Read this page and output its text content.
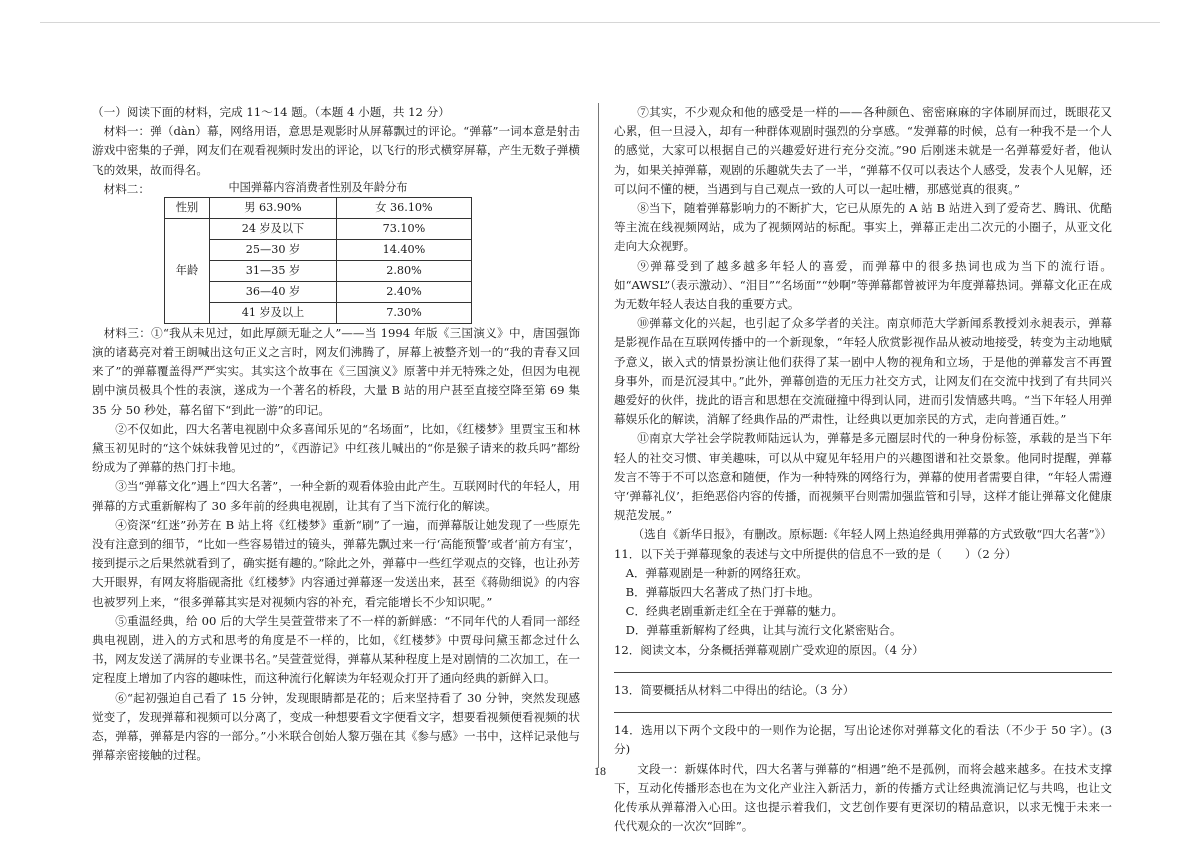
（一）阅读下面的材料，完成 11～14 题。（本题 4 小题，共 12 分）

材料一：弹（dàn）幕，网络用语，意思是观影时从屏幕飘过的评论。“弹幕”一词本意是射击游戏中密集的子弹，网友们在观看视频时发出的评论，以飞行的形式横穿屏幕，产生无数子弹横飞的效果，故而得名。

材料二：	中国弹幕内容消费者性别及年龄分布
性别	男 63.90%	女 36.10%
年龄	24 岁及以下	73.10%
	25—30 岁	14.40%
	31—35 岁	2.80%
	36—40 岁	2.40%
	41 岁及以上	7.30%

材料三：①“我从未见过，如此厚颜无耻之人”——当 1994 年版《三国演义》中，唐国强饰演的诸葛亮对着王朗喊出这句正义之言时，网友们沸腾了，屏幕上被整齐划一的“我的青春又回来了”的弹幕覆盖得严严实实。其实这个故事在《三国演义》原著中并无特殊之处，但因为电视剧中演员极具个性的表演，遂成为一个著名的桥段，大量 B 站的用户甚至直接空降至第 69 集 35 分 50 秒处，幕名留下“到此一游”的印记。

②不仅如此，四大名著电视剧中众多喜闻乐见的“名场面”，比如，《红楼梦》里贾宝玉和林黛玉初见时的“这个妹妹我曾见过的”，《西游记》中红孩儿喊出的“你是猴子请来的救兵吗”都纷纷成为了弹幕的热门打卡地。

③当“弹幕文化”遇上“四大名著”，一种全新的观看体验由此产生。互联网时代的年轻人，用弹幕的方式重新解构了 30 多年前的经典电视剧，让其有了当下流行化的解读。

④资深“红迷”孙芳在 B 站上将《红楼梦》重新“刷”了一遍，而弹幕版让她发现了一些原先没有注意到的细节，“比如一些容易错过的镜头，弹幕先飘过来一行‘高能预警’或者‘前方有宝’，接到提示之后果然就看到了，确实挺有趣的。”除此之外，弹幕中一些红学观点的交锋，也让孙芳大开眼界，有网友将脂砚斋批《红楼梦》内容通过弹幕逐一发送出来，甚至《蒋勋细说》的内容也被罗列上来，“很多弹幕其实是对视频内容的补充，看完能增长不少知识呢。”

⑤重温经典，给 00 后的大学生吴萱萱带来了不一样的新鲜感：“不同年代的人看同一部经典电视剧，进入的方式和思考的角度是不一样的，比如，《红楼梦》中贾母问黛玉都念过什么书，网友发送了满屏的专业课书名。”吴萱萱觉得，弹幕从某种程度上是对剧情的二次加工，在一定程度上增加了内容的趣味性，而这种流行化解读为年轻观众打开了通向经典的新鲜入口。

⑥“起初强迫自己看了 15 分钟，发现眼睛都是花的；后来坚持看了 30 分钟，突然发现感觉变了，发现弹幕和视频可以分离了，变成一种想要看文字便看文字，想要看视频便看视频的状态，弹幕，弹幕是内容的一部分。”小米联合创始人黎万强在其《参与感》一书中，这样记录他与弹幕亲密接触的过程。

⑦其实，不少观众和他的感受是一样的——各种颜色、密密麻麻的字体刷屏而过，既眼花又心累，但一旦浸入，却有一种群体观剧时强烈的分享感。“发弹幕的时候，总有一种我不是一个人的感觉，大家可以根据自己的兴趣爱好进行充分交流。”90 后刚迷未就是一名弹幕爱好者，他认为，如果关掉弹幕，观剧的乐趣就失去了一半，“弹幕不仅可以表达个人感受，发表个人见解，还可以问不懂的梗，当遇到与自己观点一致的人可以一起吐槽，那感觉真的很爽。”

⑧当下，随着弹幕影响力的不断扩大，它已从原先的 A 站 B 站进入到了爱奇艺、腾讯、优酷等主流在线视频网站，成为了视频网站的标配。事实上，弹幕正走出二次元的小圈子，从亚文化走向大众视野。

⑨弹幕受到了越多越多年轻人的喜爱，而弹幕中的很多热词也成为当下的流行语。如“AWSL”（表示激动）、“泪目”“名场面”“妙啊”等弹幕都曾被评为年度弹幕热词。弹幕文化正在成为无数年轻人表达自我的重要方式。

⑩弹幕文化的兴起，也引起了众多学者的关注。南京师范大学新闻系教授刘永昶表示，弹幕是影视作品在互联网传播中的一个新现象，“年轻人欣赏影视作品从被动地接受，转变为主动地赋予意义，嵌入式的情景扮演让他们获得了某一剧中人物的视角和立场，于是他的弹幕发言不再置身事外，而是沉浸其中。”此外，弹幕创造的无压力社交方式，让网友们在交流中找到了有共同兴趣爱好的伙伴，拢此的语言和思想在交流碰撞中得到认同，进而引发情感共鸣。“当下年轻人用弹幕娱乐化的解读，消解了经典作品的严肃性，让经典以更加亲民的方式，走向普通百姓。”

⑪南京大学社会学院教师陆远认为，弹幕是多元圈层时代的一种身份标签，承载的是当下年轻人的社交习惯、审美趣味，可以从中窥见年轻用户的兴趣图谱和社交景象。他同时提醒，弹幕发言不等于不可以恣意和随便，作为一种特殊的网络行为，弹幕的使用者需要自律，“年轻人需遵守‘弹幕礼仪’，拒绝恶俗内容的传播，而视频平台则需加强监管和引导，这样才能让弹幕文化健康规范发展。”

（选自《新华日报》，有删改。原标题:《年轻人网上热追经典用弹幕的方式致敬“四大名著”》）

11．以下关于弹幕现象的表述与文中所提供的信息不一致的是（　　）（2 分）

A．弹幕观剧是一种新的网络狂欢。

B．弹幕版四大名著成了热门打卡地。

C．经典老剧重新走红全在于弹幕的魅力。

D．弹幕重新解构了经典，让其与流行文化紧密贴合。

12．阅读文本，分条概括弹幕观剧广受欢迎的原因。（4 分）

13．简要概括从材料二中得出的结论。（3 分）

14．选用以下两个文段中的一则作为论据，写出论述你对弹幕文化的看法（不少于 50 字）。(3 分)

文段一：新媒体时代，四大名著与弹幕的“相遇”绝不是孤例，而将会越来越多。在技术支撑下，互动化传播形态也在为文化产业注入新活力，新的传播方式让经典流淌记忆与共鸣，也让文化传承从弹幕滑入心田。这也提示着我们，文艺创作要有更深切的精品意识，以求无愧于未来一代代观众的一次次“回眸”。

18
